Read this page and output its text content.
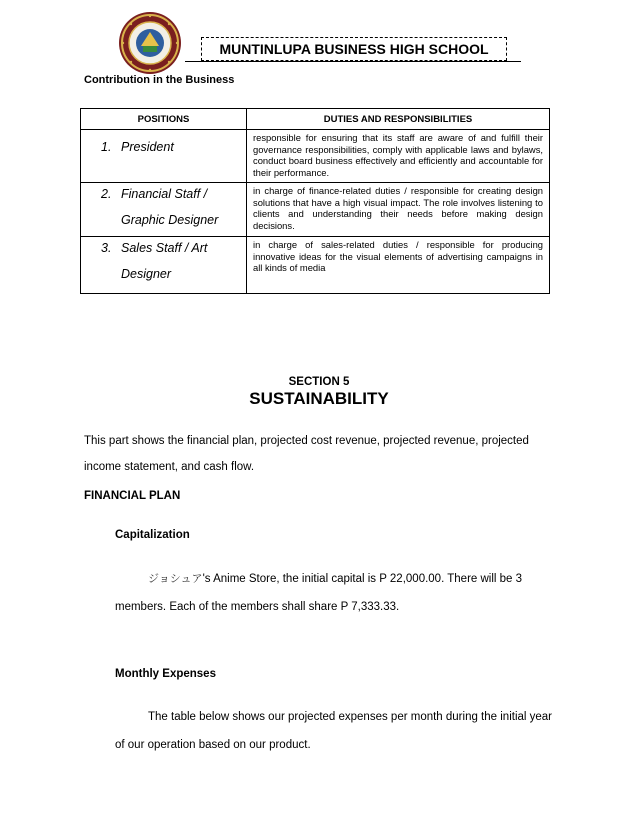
MUNTINLUPA BUSINESS HIGH SCHOOL
Contribution in the Business
POSITIONS	DUTIES AND RESPONSIBILITIES
1. President	responsible for ensuring that its staff are aware of and fulfill their governance responsibilities, comply with applicable laws and bylaws, conduct board business effectively and efficiently and accountable for their performance.
2. Financial Staff /
Graphic Designer	in charge of finance-related duties / responsible for creating design solutions that have a high visual impact. The role involves listening to clients and understanding their needs before making design decisions.
3. Sales Staff / Art
Designer	in charge of sales-related duties / responsible for producing innovative ideas for the visual elements of advertising campaigns in all kinds of media
SECTION 5
SUSTAINABILITY

This part shows the financial plan, projected cost revenue, projected revenue, projected income statement, and cash flow.

FINANCIAL PLAN
Capitalization

ジョシュア's Anime Store, the initial capital is P 22,000.00. There will be 3 members. Each of the members shall share P 7,333.33.

Monthly Expenses

The table below shows our projected expenses per month during the initial year of our operation based on our product.
